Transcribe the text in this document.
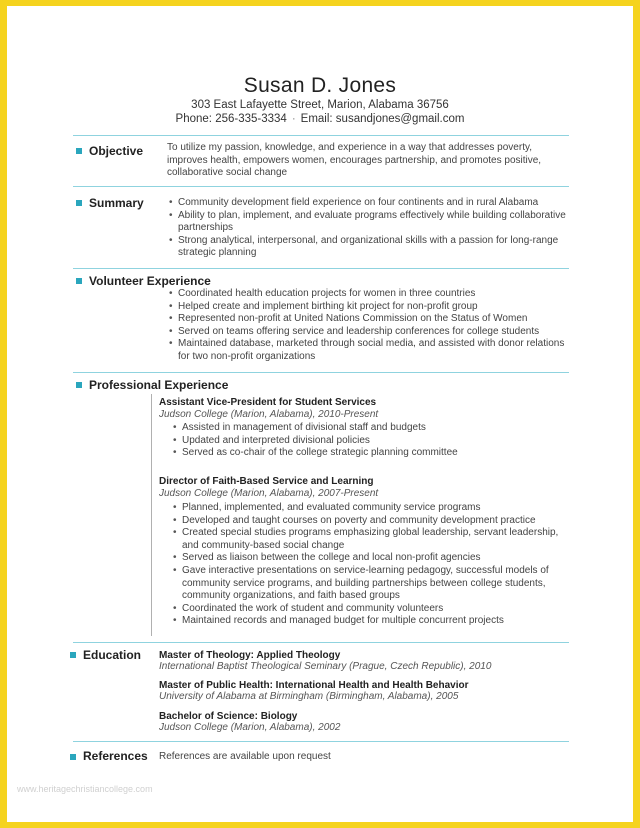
Susan D. Jones
303 East Lafayette Street, Marion, Alabama 36756
Phone: 256-335-3334 · Email: susandjones@gmail.com
Objective To utilize my passion, knowledge, and experience in a way that addresses poverty, improves health, empowers women, encourages partnership, and promotes positive, collaborative social change
Summary
•	Community development field experience on four continents and in rural Alabama
• Ability to plan, implement, and evaluate programs effectively while building collaborative partnerships
• Strong analytical, interpersonal, and organizational skills with a passion for long-range strategic planning
Volunteer Experience
• Coordinated health education projects for women in three countries
• Helped create and implement birthing kit project for non-profit group
• Represented non-profit at United Nations Commission on the Status of Women
• Served on teams offering service and leadership conferences for college students
• Maintained database, marketed through social media, and assisted with donor relations for two non-profit organizations
Professional Experience
Assistant Vice-President for Student Services
Judson College (Marion, Alabama), 2010-Present
• Assisted in management of divisional staff and budgets
• Updated and interpreted divisional policies
• Served as co-chair of the college strategic planning committee
Director of Faith-Based Service and Learning
Judson College (Marion, Alabama), 2007-Present
• Planned, implemented, and evaluated community service programs
• Developed and taught courses on poverty and community development practice
• Created special studies programs emphasizing global leadership, servant leadership, and community-based social change
• Served as liaison between the college and local non-profit agencies
• Gave interactive presentations on service-learning pedagogy, successful models of community service programs, and building partnerships between college students, community organizations, and faith based groups
• Coordinated the work of student and community volunteers
• Maintained records and managed budget for multiple concurrent projects
Education Master of Theology: Applied Theology
International Baptist Theological Seminary (Prague, Czech Republic), 2010
Master of Public Health: International Health and Health Behavior
University of Alabama at Birmingham (Birmingham, Alabama), 2005
Bachelor of Science: Biology
Judson College (Marion, Alabama), 2002
References References are available upon request
www.heritagechristiancollege.com
